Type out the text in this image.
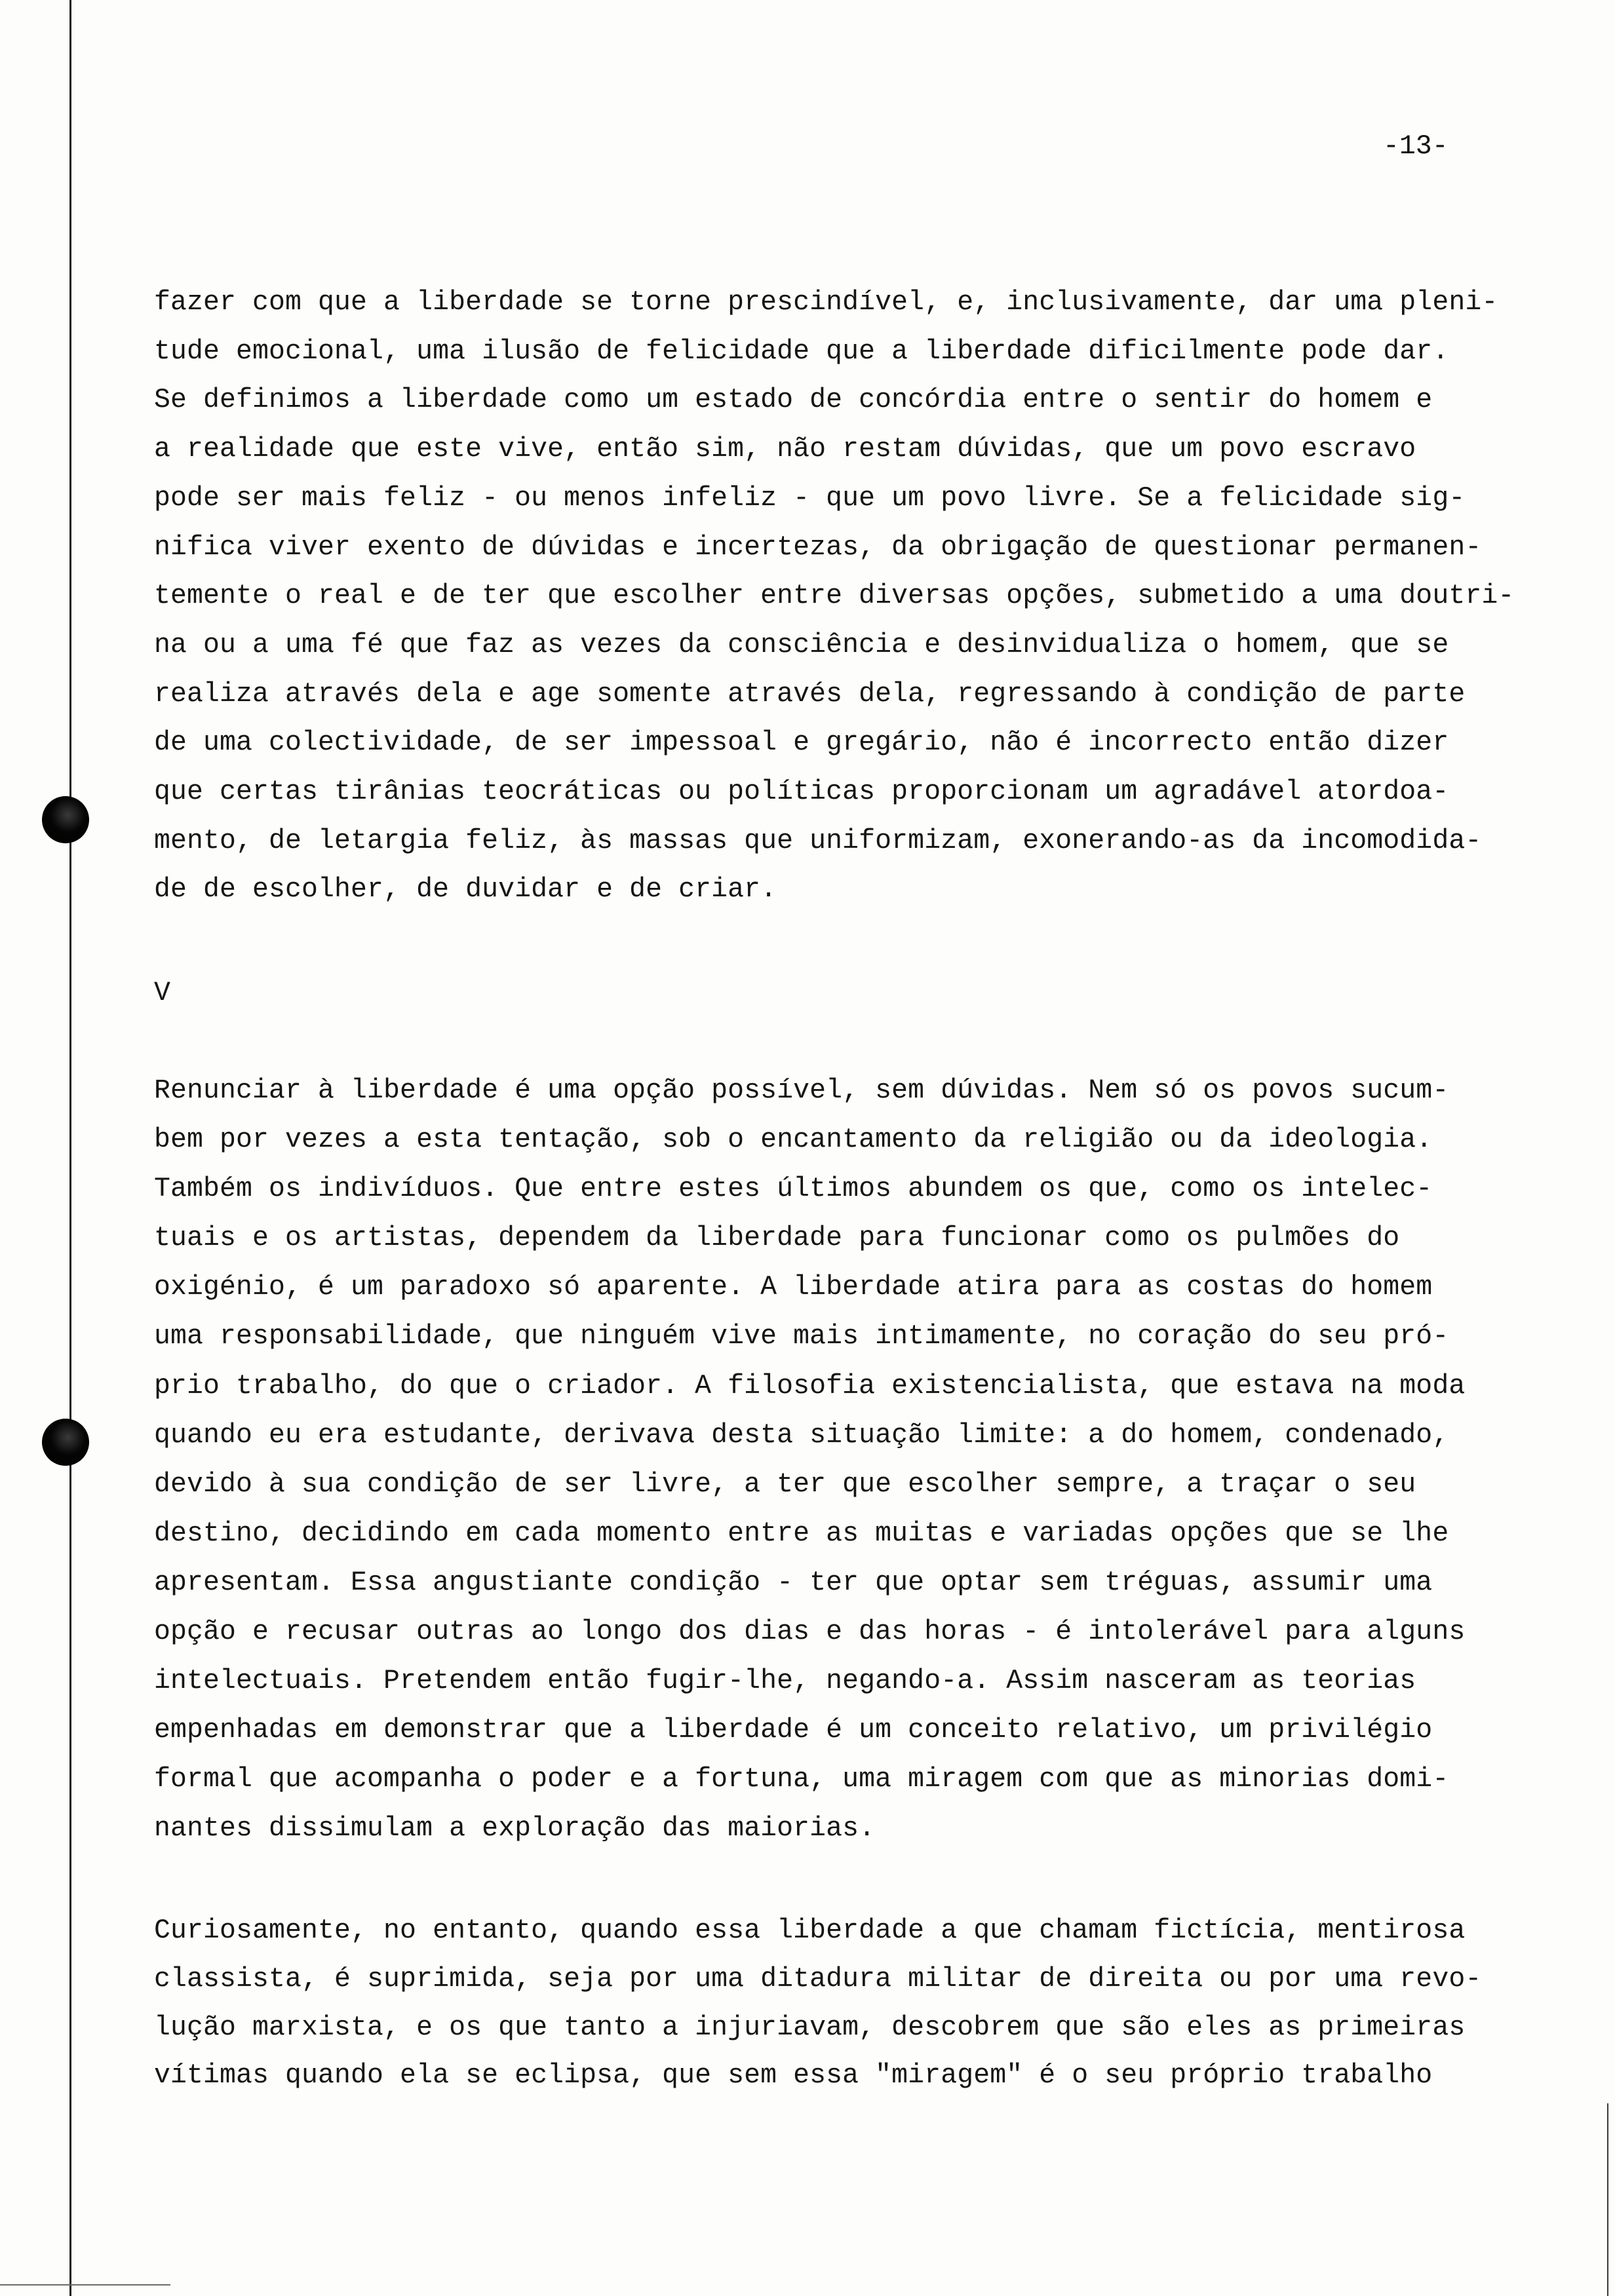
-13-
fazer com que a liberdade se torne prescindível, e, inclusivamente, dar uma pleni-
tude emocional, uma ilusão de felicidade que a liberdade dificilmente pode dar.
Se definimos a liberdade como um estado de concórdia entre o sentir do homem e
a realidade que este vive, então sim, não restam dúvidas, que um povo escravo
pode ser mais feliz - ou menos infeliz - que um povo livre. Se a felicidade sig-
nifica viver exento de dúvidas e incertezas, da obrigação de questionar permanen-
temente o real e de ter que escolher entre diversas opções, submetido a uma doutri-
na ou a uma fé que faz as vezes da consciência e desinvidualiza o homem, que se
realiza através dela e age somente através dela, regressando à condição de parte
de uma colectividade, de ser impessoal e gregário, não é incorrecto então dizer
que certas tirânias teocráticas ou políticas proporcionam um agradável atordoa-
mento, de letargia feliz, às massas que uniformizam, exonerando-as da incomodida-
de de escolher, de duvidar e de criar.
V
Renunciar à liberdade é uma opção possível, sem dúvidas. Nem só os povos sucum-
bem por vezes a esta tentação, sob o encantamento da religião ou da ideologia.
Também os indivíduos. Que entre estes últimos abundem os que, como os intelec-
tuais e os artistas, dependem da liberdade para funcionar como os pulmões do
oxigénio, é um paradoxo só aparente. A liberdade atira para as costas do homem
uma responsabilidade, que ninguém vive mais intimamente, no coração do seu pró-
prio trabalho, do que o criador. A filosofia existencialista, que estava na moda
quando eu era estudante, derivava desta situação limite: a do homem, condenado,
devido à sua condição de ser livre, a ter que escolher sempre, a traçar o seu
destino, decidindo em cada momento entre as muitas e variadas opções que se lhe
apresentam. Essa angustiante condição - ter que optar sem tréguas, assumir uma
opção e recusar outras ao longo dos dias e das horas - é intolerável para alguns
intelectuais. Pretendem então fugir-lhe, negando-a. Assim nasceram as teorias
empenhadas em demonstrar que a liberdade é um conceito relativo, um privilégio
formal que acompanha o poder e a fortuna, uma miragem com que as minorias domi-
nantes dissimulam a exploração das maiorias.
Curiosamente, no entanto, quando essa liberdade a que chamam fictícia, mentirosa
classista, é suprimida, seja por uma ditadura militar de direita ou por uma revo-
lução marxista, e os que tanto a injuriavam, descobrem que são eles as primeiras
vítimas quando ela se eclipsa, que sem essa "miragem" é o seu próprio trabalho
